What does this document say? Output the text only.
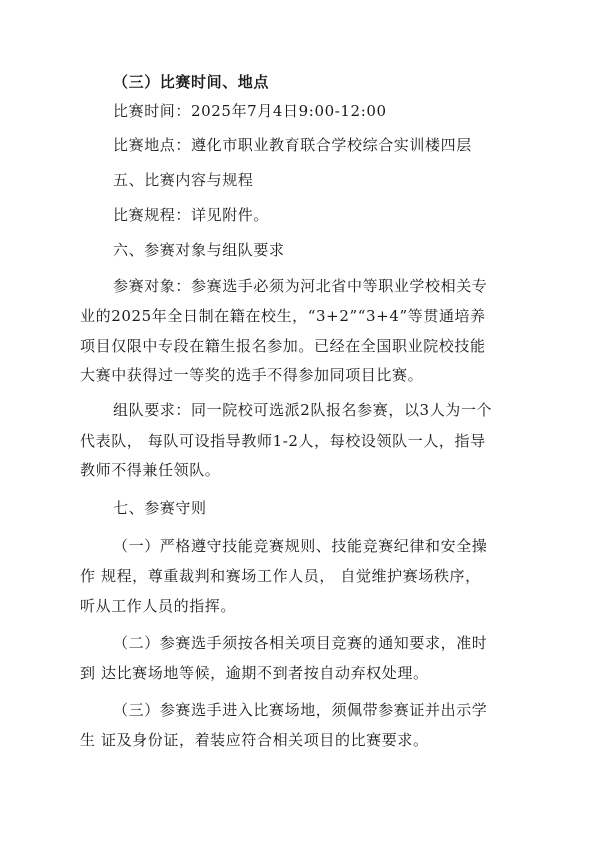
（三）比赛时间、地点
比赛时间：2025年7月4日9:00-12:00
比赛地点：遵化市职业教育联合学校综合实训楼四层
五、比赛内容与规程
比赛规程：详见附件。
六、参赛对象与组队要求
参赛对象：参赛选手必须为河北省中等职业学校相关专
业的2025年全日制在籍在校生，“3+2”“3+4”等贯通培养
项目仅限中专段在籍生报名参加。已经在全国职业院校技能
大赛中获得过一等奖的选手不得参加同项目比赛。
组队要求：同一院校可选派2队报名参赛，以3人为一个
代表队， 每队可设指导教师1-2人，每校设领队一人，指导
教师不得兼任领队。
七、参赛守则
（一）严格遵守技能竞赛规则、技能竞赛纪律和安全操
作 规程，尊重裁判和赛场工作人员， 自觉维护赛场秩序，
听从工作人员的指挥。
（二）参赛选手须按各相关项目竞赛的通知要求，准时
到 达比赛场地等候，逾期不到者按自动弃权处理。
（三）参赛选手进入比赛场地，须佩带参赛证并出示学
生 证及身份证，着装应符合相关项目的比赛要求。
